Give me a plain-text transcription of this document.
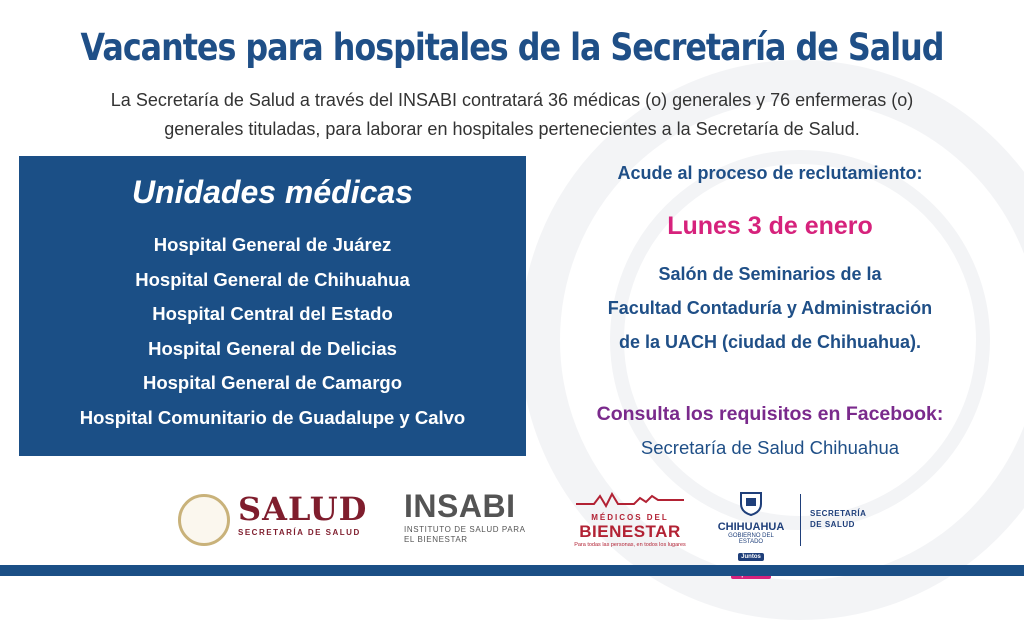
Vacantes para hospitales de la Secretaría de Salud
La Secretaría de Salud a través del INSABI contratará 36 médicas (o) generales y 76 enfermeras (o)
generales tituladas, para laborar en hospitales pertenecientes a la Secretaría de Salud.
Unidades médicas
Hospital General de Juárez
Hospital General de Chihuahua
Hospital Central del Estado
Hospital General de Delicias
Hospital General de Camargo
Hospital Comunitario de Guadalupe y Calvo
Acude al proceso de reclutamiento:
Lunes 3 de enero
Salón de Seminarios de la
Facultad Contaduría y Administración
de la UACH (ciudad de Chihuahua).
Consulta los requisitos en Facebook:
Secretaría de Salud Chihuahua
SALUD
SECRETARÍA DE SALUD
INSABI
INSTITUTO DE SALUD PARA
EL BIENESTAR
MÉDICOS DEL
BIENESTAR
Para todas las personas, en todos los lugares
CHIHUAHUA
GOBIERNO DEL ESTADO
Juntos
SECRETARÍA
DE SALUD
